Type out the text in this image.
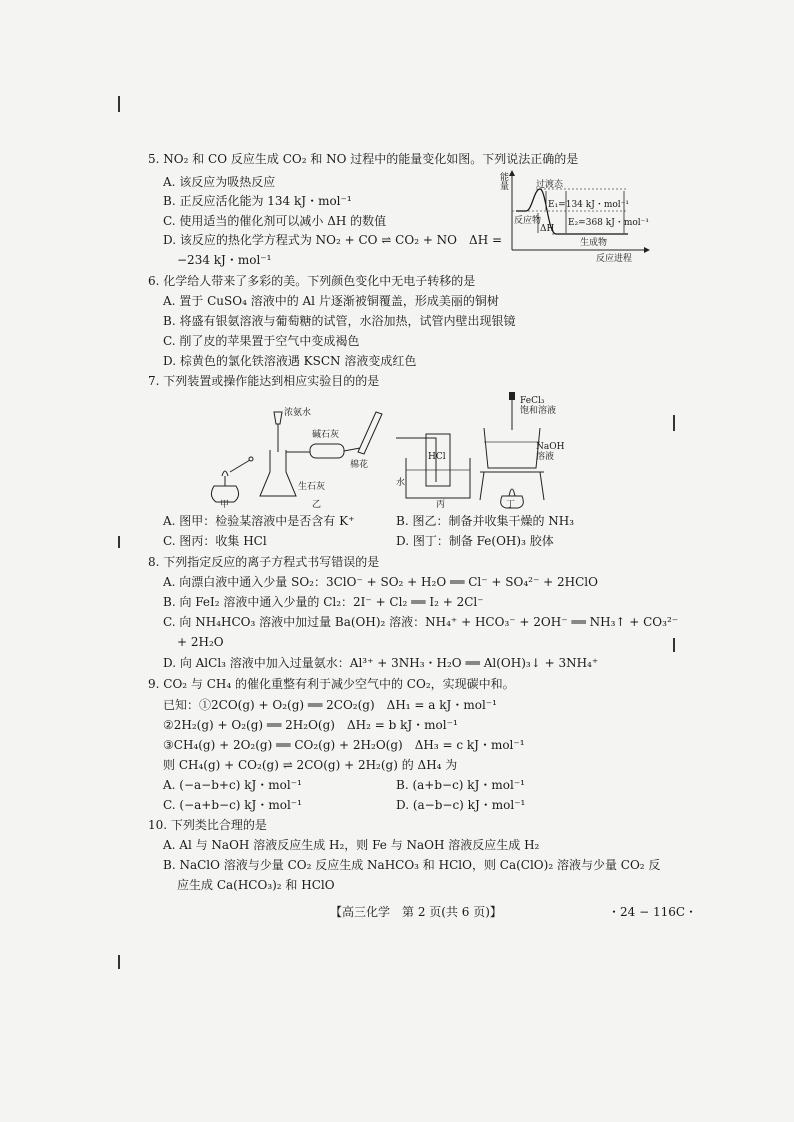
5. NO₂ 和 CO 反应生成 CO₂ 和 NO 过程中的能量变化如图。下列说法正确的是
A. 该反应为吸热反应
B. 正反应活化能为 134 kJ・mol⁻¹
C. 使用适当的催化剂可以减小 ΔH 的数值
D. 该反应的热化学方程式为 NO₂ + CO ⇌ CO₂ + NO　ΔH =
−234 kJ・mol⁻¹
能量	过渡态
E₁=134 kJ・mol⁻¹
反应物	E₂=368 kJ・mol⁻¹
ΔH
生成物
反应进程
6. 化学给人带来了多彩的美。下列颜色变化中无电子转移的是
A. 置于 CuSO₄ 溶液中的 Al 片逐渐被铜覆盖，形成美丽的铜树
B. 将盛有银氨溶液与葡萄糖的试管，水浴加热，试管内壁出现银镜
C. 削了皮的苹果置于空气中变成褐色
D. 棕黄色的氯化铁溶液遇 KSCN 溶液变成红色
7. 下列装置或操作能达到相应实验目的的是
浓氨水
碱石灰
棉花
生石灰	水
HCl
FeCl₃
饱和溶液
NaOH
溶液
甲	乙	丙	丁
A. 图甲：检验某溶液中是否含有 K⁺	B. 图乙：制备并收集干燥的 NH₃
C. 图丙：收集 HCl	D. 图丁：制备 Fe(OH)₃ 胶体
8. 下列指定反应的离子方程式书写错误的是
A. 向漂白液中通入少量 SO₂：3ClO⁻ + SO₂ + H₂O ══ Cl⁻ + SO₄²⁻ + 2HClO
B. 向 FeI₂ 溶液中通入少量的 Cl₂：2I⁻ + Cl₂ ══ I₂ + 2Cl⁻
C. 向 NH₄HCO₃ 溶液中加过量 Ba(OH)₂ 溶液：NH₄⁺ + HCO₃⁻ + 2OH⁻ ══ NH₃↑ + CO₃²⁻
+ 2H₂O
D. 向 AlCl₃ 溶液中加入过量氨水：Al³⁺ + 3NH₃・H₂O ══ Al(OH)₃↓ + 3NH₄⁺
9. CO₂ 与 CH₄ 的催化重整有利于减少空气中的 CO₂，实现碳中和。
已知：①2CO(g) + O₂(g) ══ 2CO₂(g)　ΔH₁ = a kJ・mol⁻¹
②2H₂(g) + O₂(g) ══ 2H₂O(g)　ΔH₂ = b kJ・mol⁻¹
③CH₄(g) + 2O₂(g) ══ CO₂(g) + 2H₂O(g)　ΔH₃ = c kJ・mol⁻¹
则 CH₄(g) + CO₂(g) ⇌ 2CO(g) + 2H₂(g) 的 ΔH₄ 为
A. (−a−b+c) kJ・mol⁻¹	B. (a+b−c) kJ・mol⁻¹
C. (−a+b−c) kJ・mol⁻¹	D. (a−b−c) kJ・mol⁻¹
10. 下列类比合理的是
A. Al 与 NaOH 溶液反应生成 H₂，则 Fe 与 NaOH 溶液反应生成 H₂
B. NaClO 溶液与少量 CO₂ 反应生成 NaHCO₃ 和 HClO，则 Ca(ClO)₂ 溶液与少量 CO₂ 反
应生成 Ca(HCO₃)₂ 和 HClO
【高三化学　第 2 页(共 6 页)】	・24 − 116C・
